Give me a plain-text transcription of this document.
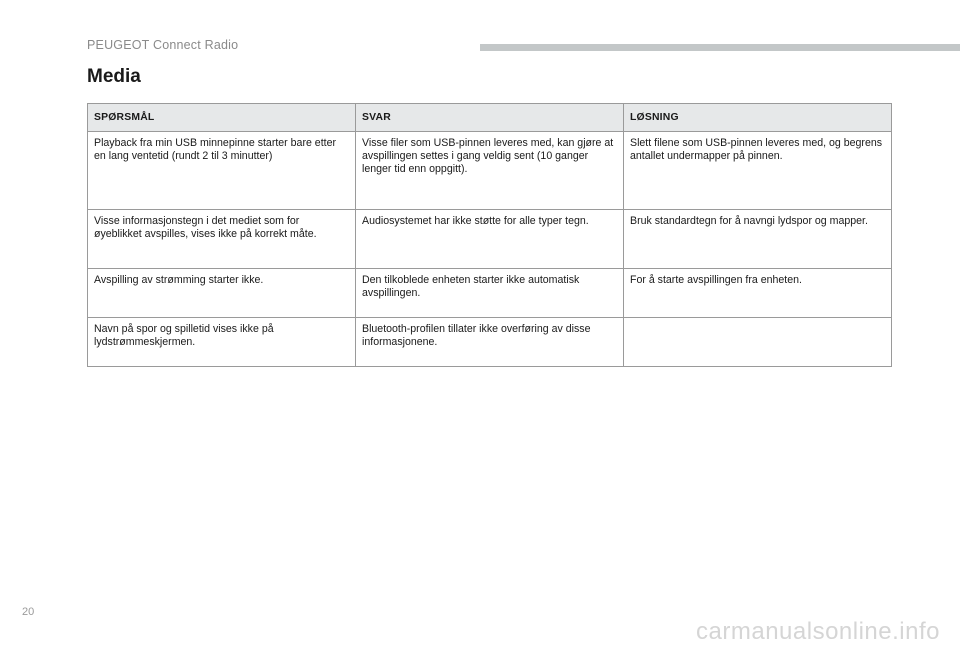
PEUGEOT Connect Radio
Media
SPØRSMÅL	SVAR	LØSNING
Playback fra min USB minnepinne starter bare etter en lang ventetid (rundt 2 til 3 minutter)	Visse filer som USB-pinnen leveres med, kan gjøre at avspillingen settes i gang veldig sent (10 ganger lenger tid enn oppgitt).	Slett filene som USB-pinnen leveres med, og begrens antallet undermapper på pinnen.
Visse informasjonstegn i det mediet som for øyeblikket avspilles, vises ikke på korrekt måte.	Audiosystemet har ikke støtte for alle typer tegn.	Bruk standardtegn for å navngi lydspor og mapper.
Avspilling av strømming starter ikke.	Den tilkoblede enheten starter ikke automatisk avspillingen.	For å starte avspillingen fra enheten.
Navn på spor og spilletid vises ikke på lydstrømmeskjermen.	Bluetooth-profilen tillater ikke overføring av disse informasjonene.	
20
carmanualsonline.info
